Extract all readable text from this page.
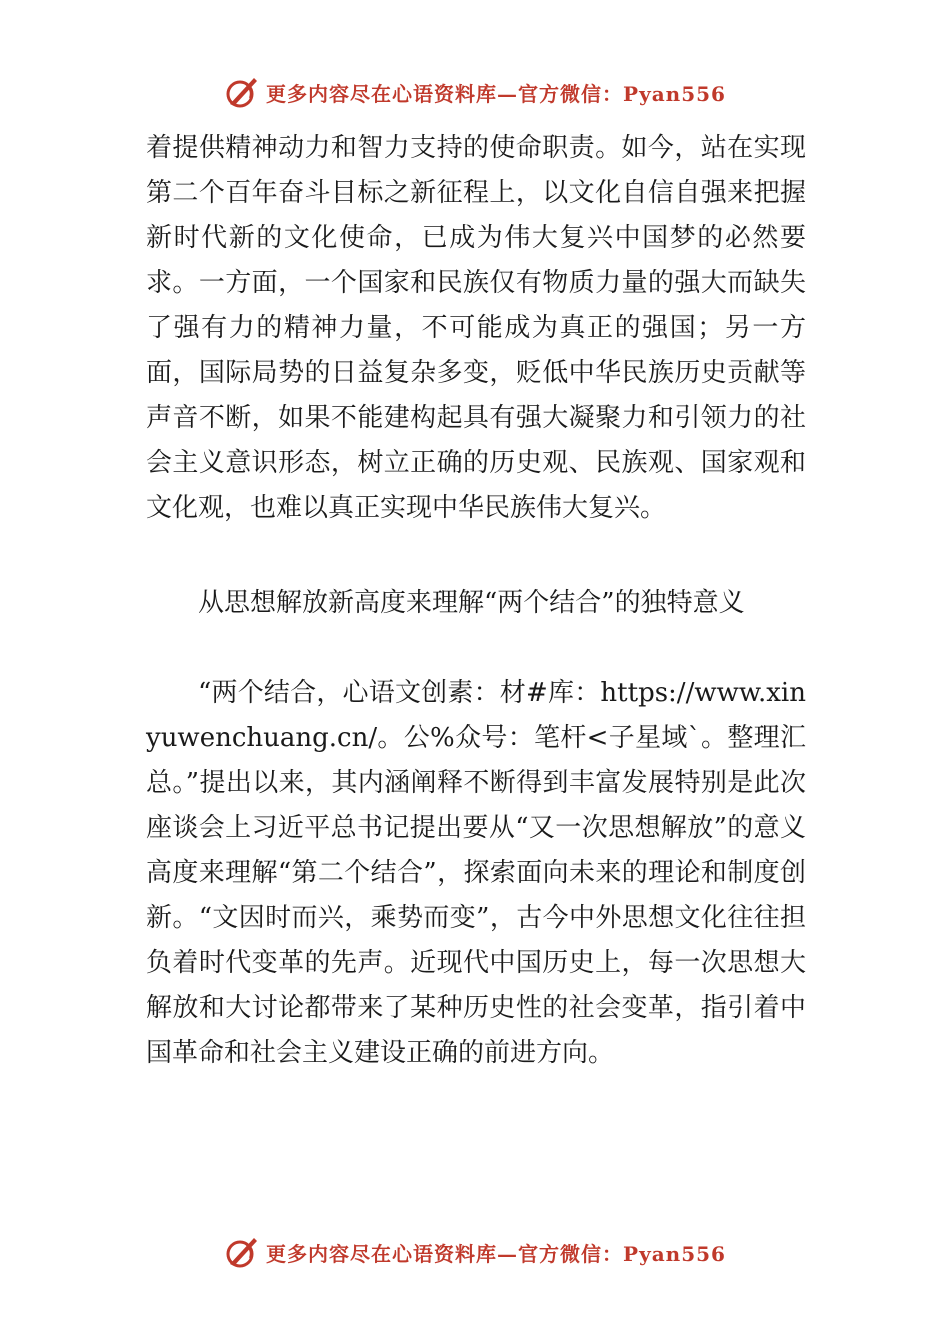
更多内容尽在心语资料库—官方微信：Pyan556

着提供精神动力和智力支持的使命职责。如今，站在实现第二个百年奋斗目标之新征程上，以文化自信自强来把握新时代新的文化使命，已成为伟大复兴中国梦的必然要求。一方面，一个国家和民族仅有物质力量的强大而缺失了强有力的精神力量，不可能成为真正的强国；另一方面，国际局势的日益复杂多变，贬低中华民族历史贡献等声音不断，如果不能建构起具有强大凝聚力和引领力的社会主义意识形态，树立正确的历史观、民族观、国家观和文化观，也难以真正实现中华民族伟大复兴。

从思想解放新高度来理解“两个结合”的独特意义

“两个结合，心语文创素：材#库：https://www.xinyuwenchuang.cn/。公%众号：笔杆<子星域`。整理汇总。”提出以来，其内涵阐释不断得到丰富发展特别是此次座谈会上习近平总书记提出要从“又一次思想解放”的意义高度来理解“第二个结合”，探索面向未来的理论和制度创新。“文因时而兴，乘势而变”，古今中外思想文化往往担负着时代变革的先声。近现代中国历史上，每一次思想大解放和大讨论都带来了某种历史性的社会变革，指引着中国革命和社会主义建设正确的前进方向。

更多内容尽在心语资料库—官方微信：Pyan556
